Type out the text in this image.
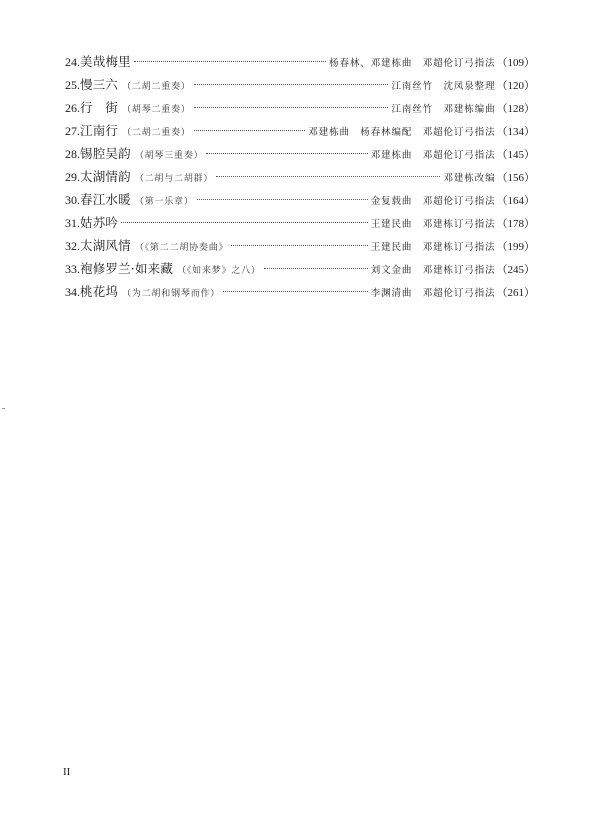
24. 美哉梅里	杨春林、邓建栋曲　邓超伦订弓指法 （109）
25. 慢三六 （二胡二重奏）	江南丝竹　沈凤泉整理 （120）
26. 行　街 （胡琴二重奏）	江南丝竹　邓建栋编曲 （128）
27. 江南行 （二胡二重奏）	邓建栋曲　杨春林编配　邓超伦订弓指法 （134）
28. 锡腔吴韵 （胡琴三重奏）	邓建栋曲　邓超伦订弓指法 （145）
29. 太湖情韵 （二胡与二胡群）	邓建栋改编 （156）
30. 春江水暖 （第一乐章）	金复载曲　邓超伦订弓指法 （164）
31. 姑苏吟	王建民曲　邓建栋订弓指法 （178）
32. 太湖风情 （《第二二胡协奏曲》	王建民曲　邓建栋订弓指法 （199）
33. 袍修罗兰·如来藏 （《如来梦》之八）	刘文金曲　邓建栋订弓指法 （245）
34. 桃花坞 （为二胡和钢琴而作）	李渊清曲　邓超伦订弓指法 （261）
II
